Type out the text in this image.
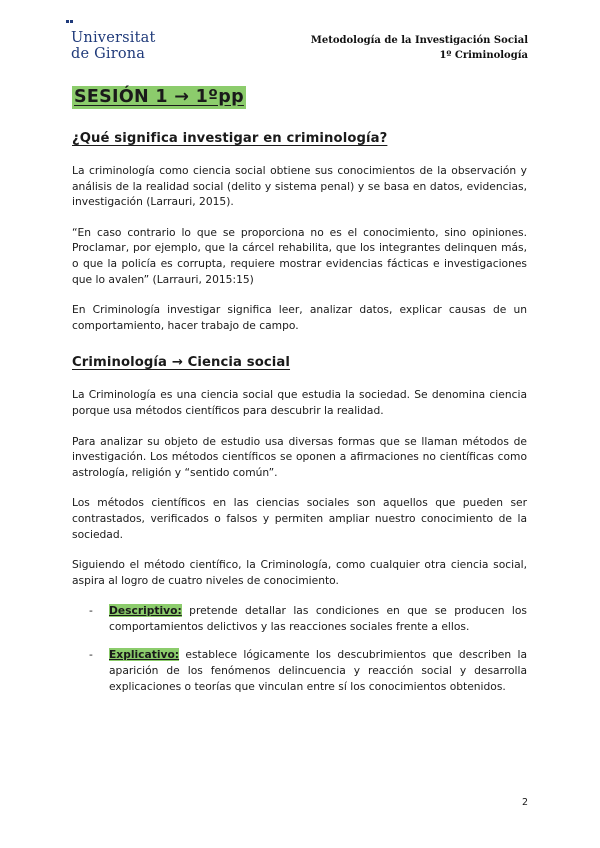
Universitat
de Girona
Metodología de la Investigación Social
1º Criminología
SESIÓN 1 → 1ºpp
¿Qué significa investigar en criminología?

La criminología como ciencia social obtiene sus conocimientos de la observación y análisis de la realidad social (delito y sistema penal) y se basa en datos, evidencias, investigación (Larrauri, 2015).

“En caso contrario lo que se proporciona no es el conocimiento, sino opiniones. Proclamar, por ejemplo, que la cárcel rehabilita, que los integrantes delinquen más, o que la policía es corrupta, requiere mostrar evidencias fácticas e investigaciones que lo avalen” (Larrauri, 2015:15)

En Criminología investigar significa leer, analizar datos, explicar causas de un comportamiento, hacer trabajo de campo.

Criminología → Ciencia social

La Criminología es una ciencia social que estudia la sociedad. Se denomina ciencia porque usa métodos científicos para descubrir la realidad.

Para analizar su objeto de estudio usa diversas formas que se llaman métodos de investigación. Los métodos científicos se oponen a afirmaciones no científicas como astrología, religión y “sentido común”.

Los métodos científicos en las ciencias sociales son aquellos que pueden ser contrastados, verificados o falsos y permiten ampliar nuestro conocimiento de la sociedad.

Siguiendo el método científico, la Criminología, como cualquier otra ciencia social, aspira al logro de cuatro niveles de conocimiento.

- Descriptivo: pretende detallar las condiciones en que se producen los comportamientos delictivos y las reacciones sociales frente a ellos.
- Explicativo: establece lógicamente los descubrimientos que describen la aparición de los fenómenos delincuencia y reacción social y desarrolla explicaciones o teorías que vinculan entre sí los conocimientos obtenidos.
2
